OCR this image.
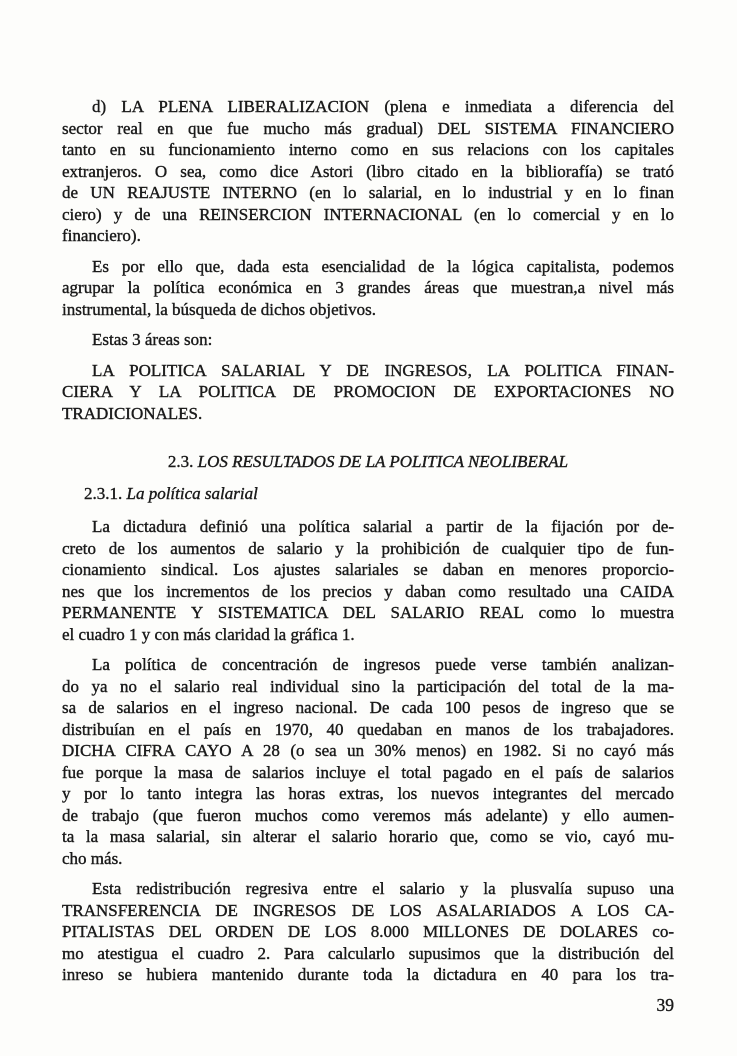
d) LA PLENA LIBERALIZACION (plena e inmediata a diferencia del
sector real en que fue mucho más gradual) DEL SISTEMA FINANCIERO
tanto en su funcionamiento interno como en sus relacions con los capitales
extranjeros. O sea, como dice Astori (libro citado en la bibliorafía) se trató
de UN REAJUSTE INTERNO (en lo salarial, en lo industrial y en lo finan
ciero) y de una REINSERCION INTERNACIONAL (en lo comercial y en lo
financiero).
Es por ello que, dada esta esencialidad de la lógica capitalista, podemos
agrupar la política económica en 3 grandes áreas que muestran,a nivel más
instrumental, la búsqueda de dichos objetivos.
Estas 3 áreas son:
LA POLITICA SALARIAL Y DE INGRESOS, LA POLITICA FINAN-
CIERA Y LA POLITICA DE PROMOCION DE EXPORTACIONES NO
TRADICIONALES.
2.3. LOS RESULTADOS DE LA POLITICA NEOLIBERAL
2.3.1. La política salarial
La dictadura definió una política salarial a partir de la fijación por de-
creto de los aumentos de salario y la prohibición de cualquier tipo de fun-
cionamiento sindical. Los ajustes salariales se daban en menores proporcio-
nes que los incrementos de los precios y daban como resultado una CAIDA
PERMANENTE Y SISTEMATICA DEL SALARIO REAL como lo muestra
el cuadro 1 y con más claridad la gráfica 1.
La política de concentración de ingresos puede verse también analizan-
do ya no el salario real individual sino la participación del total de la ma-
sa de salarios en el ingreso nacional. De cada 100 pesos de ingreso que se
distribuían en el país en 1970, 40 quedaban en manos de los trabajadores.
DICHA CIFRA CAYO A 28 (o sea un 30% menos) en 1982. Si no cayó más
fue porque la masa de salarios incluye el total pagado en el país de salarios
y por lo tanto integra las horas extras, los nuevos integrantes del mercado
de trabajo (que fueron muchos como veremos más adelante) y ello aumen-
ta la masa salarial, sin alterar el salario horario que, como se vio, cayó mu-
cho más.
Esta redistribución regresiva entre el salario y la plusvalía supuso una
TRANSFERENCIA DE INGRESOS DE LOS ASALARIADOS A LOS CA-
PITALISTAS DEL ORDEN DE LOS 8.000 MILLONES DE DOLARES co-
mo atestigua el cuadro 2. Para calcularlo supusimos que la distribución del
inreso se hubiera mantenido durante toda la dictadura en 40 para los tra-
39
